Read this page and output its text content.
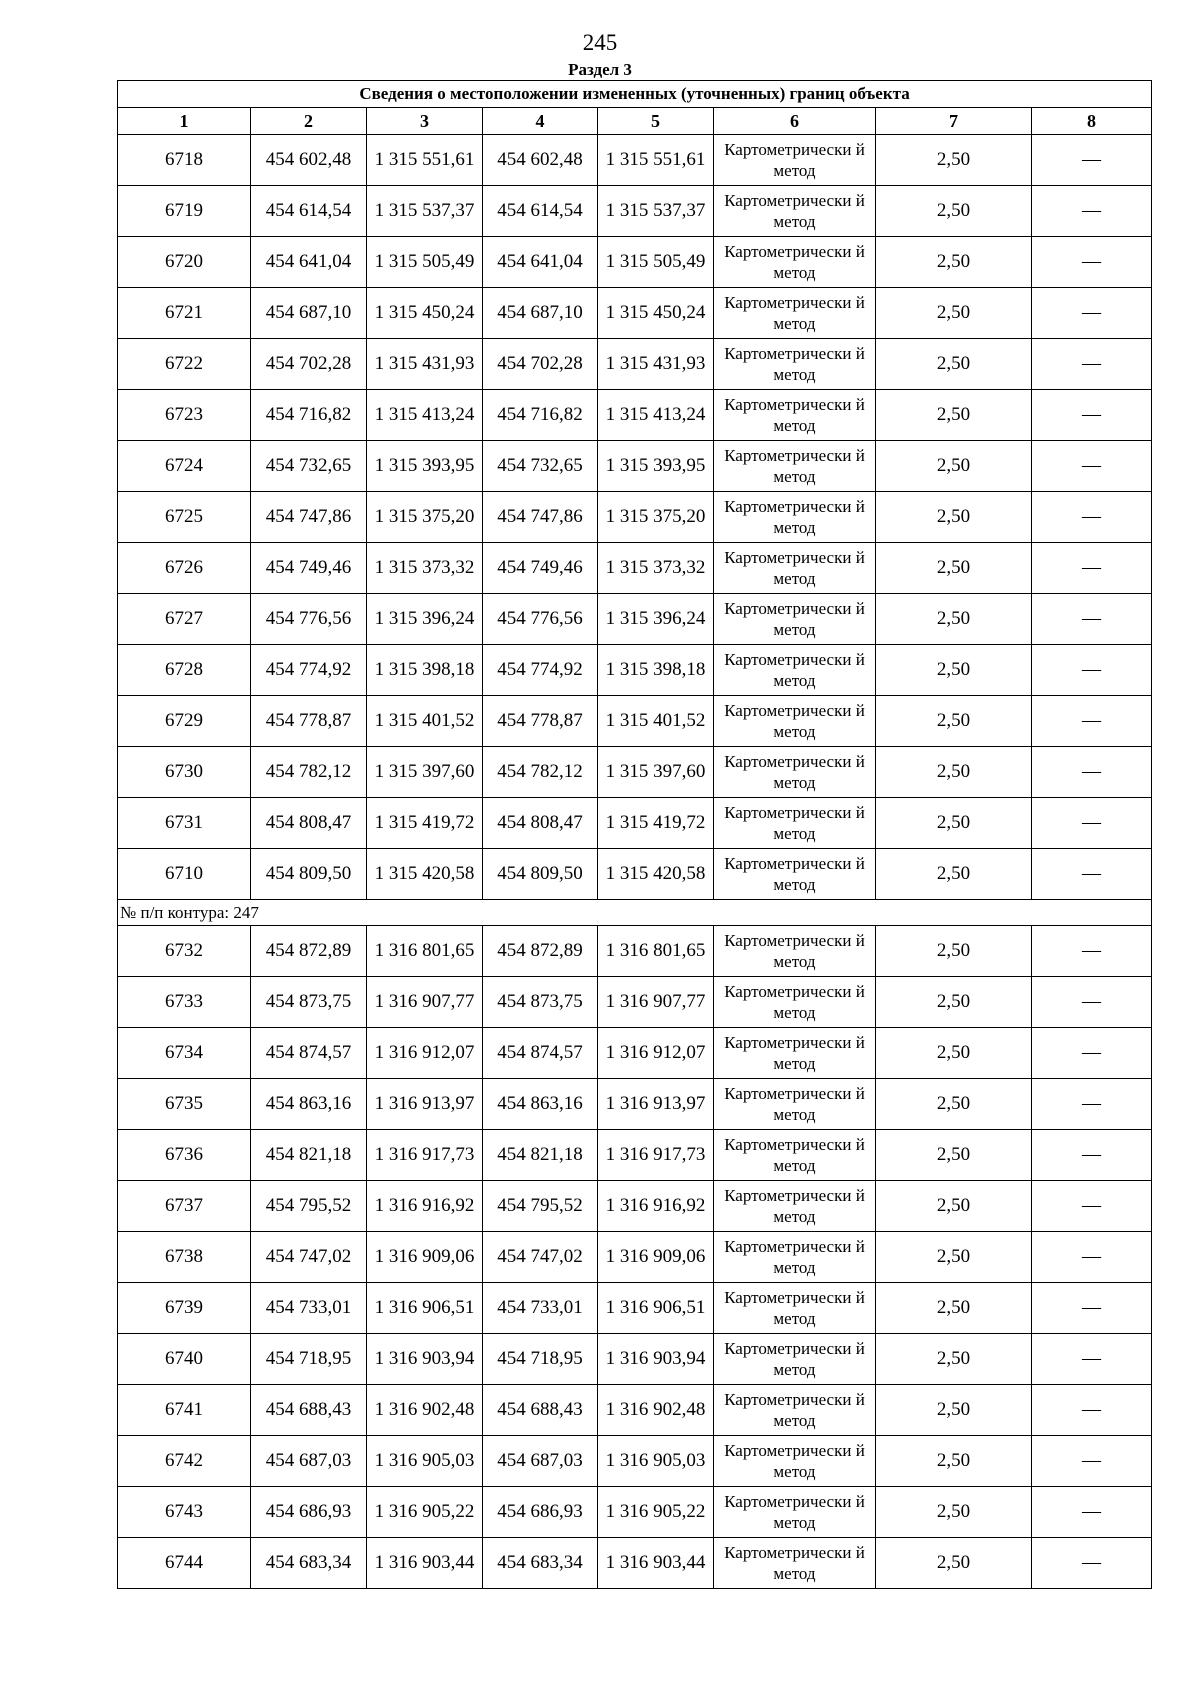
245
Раздел 3
Сведения о местоположении измененных (уточненных) границ объекта							
1	2	3	4	5	6	7	8
6718	454 602,48	1 315 551,61	454 602,48	1 315 551,61	Картометрически й метод	2,50	—
6719	454 614,54	1 315 537,37	454 614,54	1 315 537,37	Картометрически й метод	2,50	—
6720	454 641,04	1 315 505,49	454 641,04	1 315 505,49	Картометрически й метод	2,50	—
6721	454 687,10	1 315 450,24	454 687,10	1 315 450,24	Картометрически й метод	2,50	—
6722	454 702,28	1 315 431,93	454 702,28	1 315 431,93	Картометрически й метод	2,50	—
6723	454 716,82	1 315 413,24	454 716,82	1 315 413,24	Картометрически й метод	2,50	—
6724	454 732,65	1 315 393,95	454 732,65	1 315 393,95	Картометрически й метод	2,50	—
6725	454 747,86	1 315 375,20	454 747,86	1 315 375,20	Картометрически й метод	2,50	—
6726	454 749,46	1 315 373,32	454 749,46	1 315 373,32	Картометрически й метод	2,50	—
6727	454 776,56	1 315 396,24	454 776,56	1 315 396,24	Картометрически й метод	2,50	—
6728	454 774,92	1 315 398,18	454 774,92	1 315 398,18	Картометрически й метод	2,50	—
6729	454 778,87	1 315 401,52	454 778,87	1 315 401,52	Картометрически й метод	2,50	—
6730	454 782,12	1 315 397,60	454 782,12	1 315 397,60	Картометрически й метод	2,50	—
6731	454 808,47	1 315 419,72	454 808,47	1 315 419,72	Картометрически й метод	2,50	—
6710	454 809,50	1 315 420,58	454 809,50	1 315 420,58	Картометрически й метод	2,50	—
№ п/п контура: 247							
6732	454 872,89	1 316 801,65	454 872,89	1 316 801,65	Картометрически й метод	2,50	—
6733	454 873,75	1 316 907,77	454 873,75	1 316 907,77	Картометрически й метод	2,50	—
6734	454 874,57	1 316 912,07	454 874,57	1 316 912,07	Картометрически й метод	2,50	—
6735	454 863,16	1 316 913,97	454 863,16	1 316 913,97	Картометрически й метод	2,50	—
6736	454 821,18	1 316 917,73	454 821,18	1 316 917,73	Картометрически й метод	2,50	—
6737	454 795,52	1 316 916,92	454 795,52	1 316 916,92	Картометрически й метод	2,50	—
6738	454 747,02	1 316 909,06	454 747,02	1 316 909,06	Картометрически й метод	2,50	—
6739	454 733,01	1 316 906,51	454 733,01	1 316 906,51	Картометрически й метод	2,50	—
6740	454 718,95	1 316 903,94	454 718,95	1 316 903,94	Картометрически й метод	2,50	—
6741	454 688,43	1 316 902,48	454 688,43	1 316 902,48	Картометрически й метод	2,50	—
6742	454 687,03	1 316 905,03	454 687,03	1 316 905,03	Картометрически й метод	2,50	—
6743	454 686,93	1 316 905,22	454 686,93	1 316 905,22	Картометрически й метод	2,50	—
6744	454 683,34	1 316 903,44	454 683,34	1 316 903,44	Картометрически й метод	2,50	—
